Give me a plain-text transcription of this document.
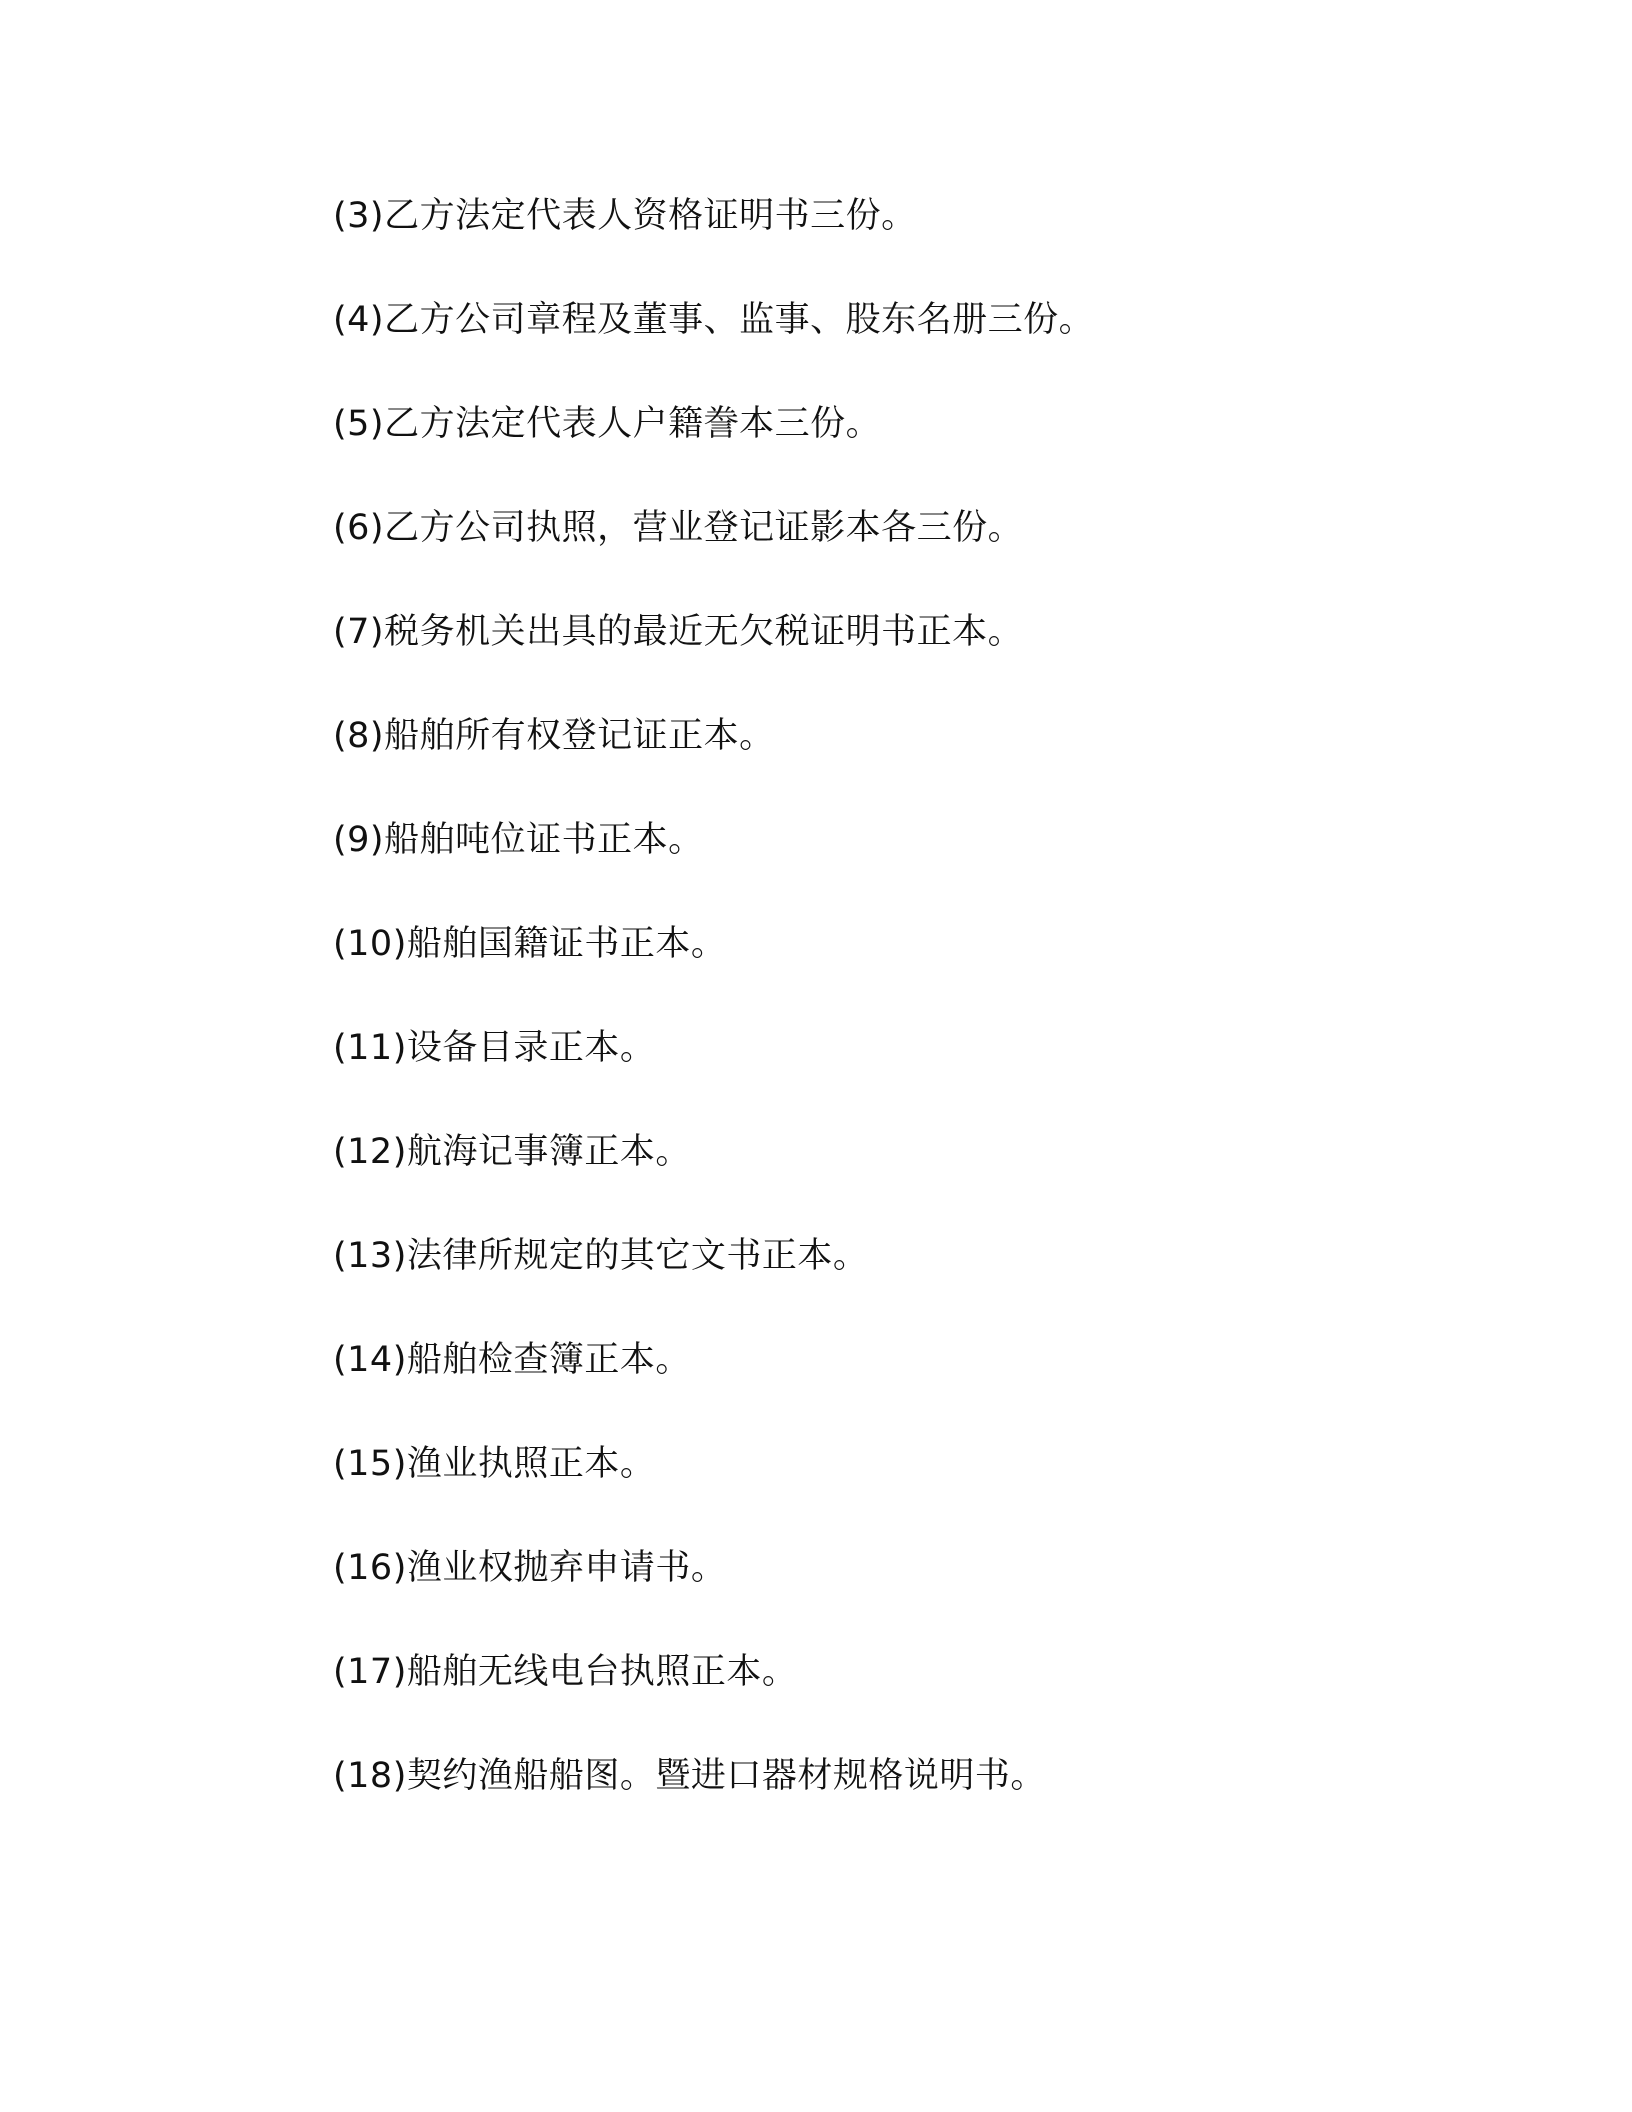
(3)乙方法定代表人资格证明书三份。
(4)乙方公司章程及董事、监事、股东名册三份。
(5)乙方法定代表人户籍誊本三份。
(6)乙方公司执照，营业登记证影本各三份。
(7)税务机关出具的最近无欠税证明书正本。
(8)船舶所有权登记证正本。
(9)船舶吨位证书正本。
(10)船舶国籍证书正本。
(11)设备目录正本。
(12)航海记事簿正本。
(13)法律所规定的其它文书正本。
(14)船舶检查簿正本。
(15)渔业执照正本。
(16)渔业权抛弃申请书。
(17)船舶无线电台执照正本。
(18)契约渔船船图。暨进口器材规格说明书。
